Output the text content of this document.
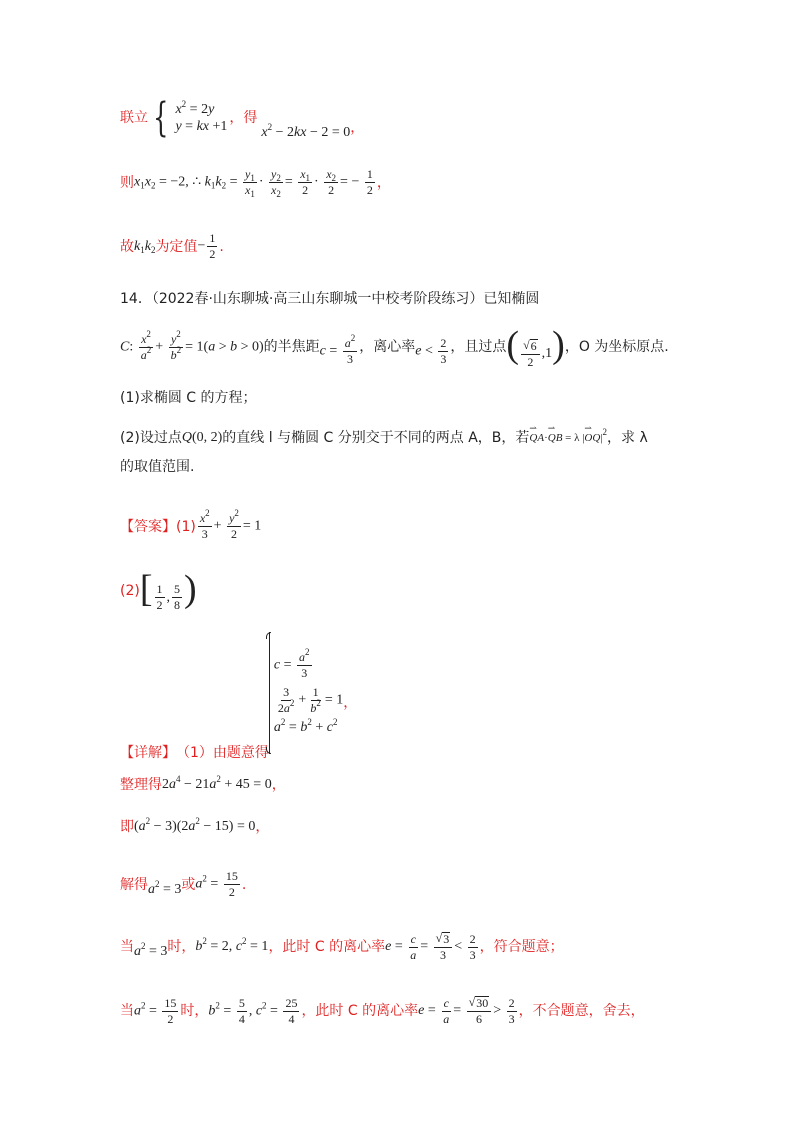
联立 { $x^2 = 2y$
y = kx +1 ，得
$x^2 - 2kx - 2 = 0$ ，
则 $x_1x_2 = -2$, ∴ $k_1k_2 = \frac{y_1}{x_1} \cdot \frac{y_2}{x_2} = \frac{x_1}{2} \cdot \frac{x_2}{2}$ = − $\frac{1}{2}$ ，
故 $k_1k_2$ 为定值 − $\frac{1}{2}$ .
14．（2022春·山东聊城·高三山东聊城一中校考阶段练习）已知椭圆
C: $\frac{x^2}{a^2} + \frac{y^2}{b^2} = 1(a > b > 0)$ 的半焦距 $c = \frac{a^2}{3}$ ，离心率 $e < \frac{2}{3}$ ，且过点 ( $\frac{√ 6}{2} ,1$) ，O 为坐标原点.
(1)求椭圆 C 的方程；
(2)设过点 Q(0, 2) 的直线 l 与椭圆 C 分别交于不同的两点 A，B，若
⇀ QA·⇀ QB = λ |⇀ $OQ|^2$ ，求 λ
的取值范围.
【答案】 $(1) \frac{x^2}{3} + \frac{y^2}{2} = 1$
(2) [ $\frac{1}{2}$ , $\frac{5}{8}$ )
【详解】 （1）由题意得
$c = \frac{a^2}{3}$
$\frac{3}{2a^2} + \frac{1}{b^2} = 1$
$a^2 = b^2 + c^2$
，
整理得 $2a^4 - 21a^2 + 45 = 0$ ，
即 $(a^2 - 3)(2a^2 - 15) = 0$ ，
解得 $a^2 = 3$ 或 $a^2 = \frac{15}{2}$ .
当 $a^2 = 3$ 时， $b^2 = 2$, $c^2 = 1$ ，此时 C 的离心率 $e = \frac{c}{a} = \frac{√ 3}{3} < \frac{2}{3}$ ，符合题意；
当 $a^2 = \frac{15}{2}$ 时， $b^2 = \frac{5}{4}$ , $c^2 = \frac{25}{4}$ ，此时 C 的离心率 $e = \frac{c}{a} = \frac{√ 30}{6} > \frac{2}{3}$ ，不合题意，舍去，
